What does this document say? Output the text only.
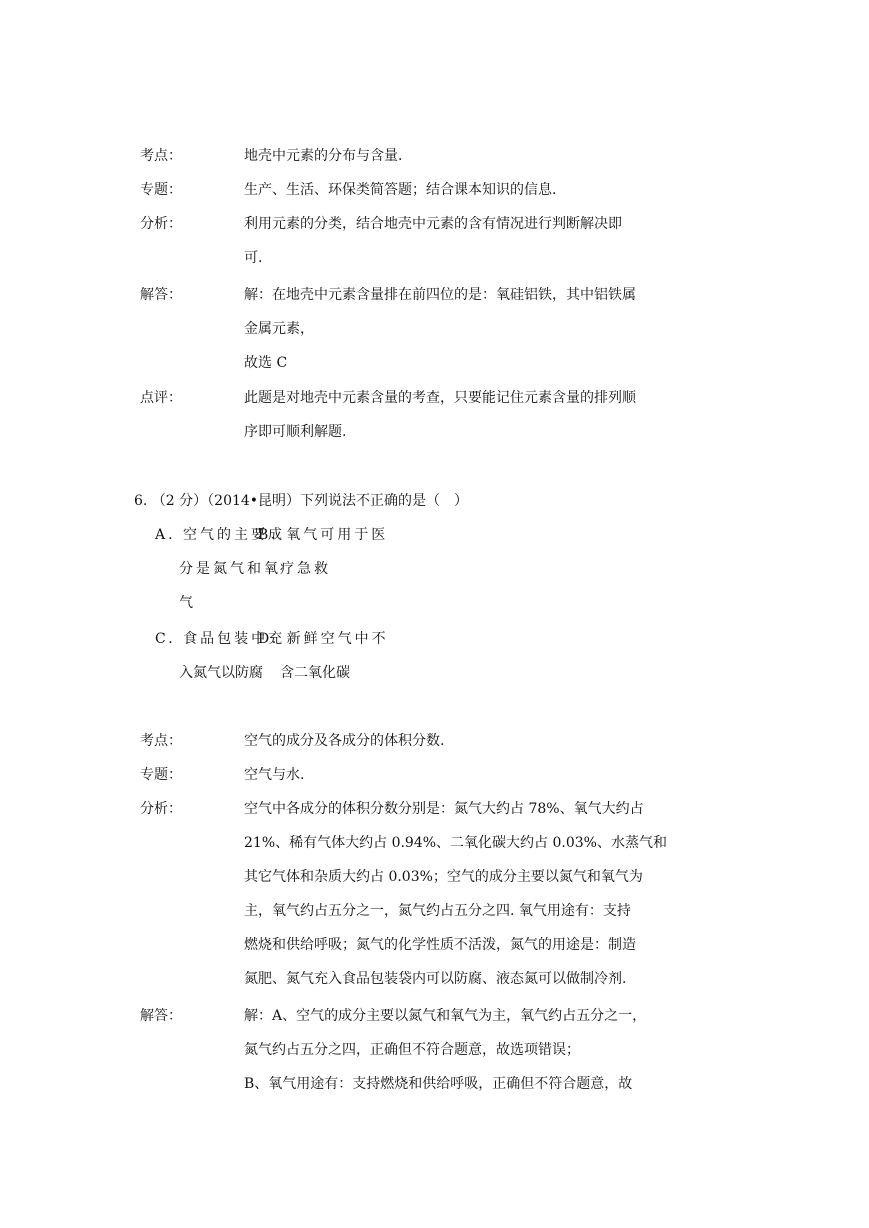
考点：	地壳中元素的分布与含量.
专题：	生产、生活、环保类简答题；结合课本知识的信息.
分析：	利用元素的分类，结合地壳中元素的含有情况进行判断解决即
可.
解答：	解：在地壳中元素含量排在前四位的是：氧硅铝铁，其中铝铁属
金属元素，
故选 C
点评：	此题是对地壳中元素含量的考查，只要能记住元素含量的排列顺
序即可顺利解题.
6. （2 分）（2014•昆明）下列说法不正确的是（　）
A. 空气的主要成
分是氮气和氧
气
B. 氧气可用于医
疗急救
C. 食品包装中充
入氮气以防腐
D. 新鲜空气中不
含二氧化碳
考点：	空气的成分及各成分的体积分数.
专题：	空气与水.
分析：	空气中各成分的体积分数分别是：氮气大约占 78%、氧气大约占
21%、稀有气体大约占 0.94%、二氧化碳大约占 0.03%、水蒸气和
其它气体和杂质大约占 0.03%；空气的成分主要以氮气和氧气为
主，氧气约占五分之一，氮气约占五分之四. 氧气用途有：支持
燃烧和供给呼吸；氮气的化学性质不活泼，氮气的用途是：制造
氮肥、氮气充入食品包装袋内可以防腐、液态氮可以做制冷剂.
解答：	解：A、空气的成分主要以氮气和氧气为主，氧气约占五分之一，
氮气约占五分之四，正确但不符合题意，故选项错误；
B、氧气用途有：支持燃烧和供给呼吸，正确但不符合题意，故
